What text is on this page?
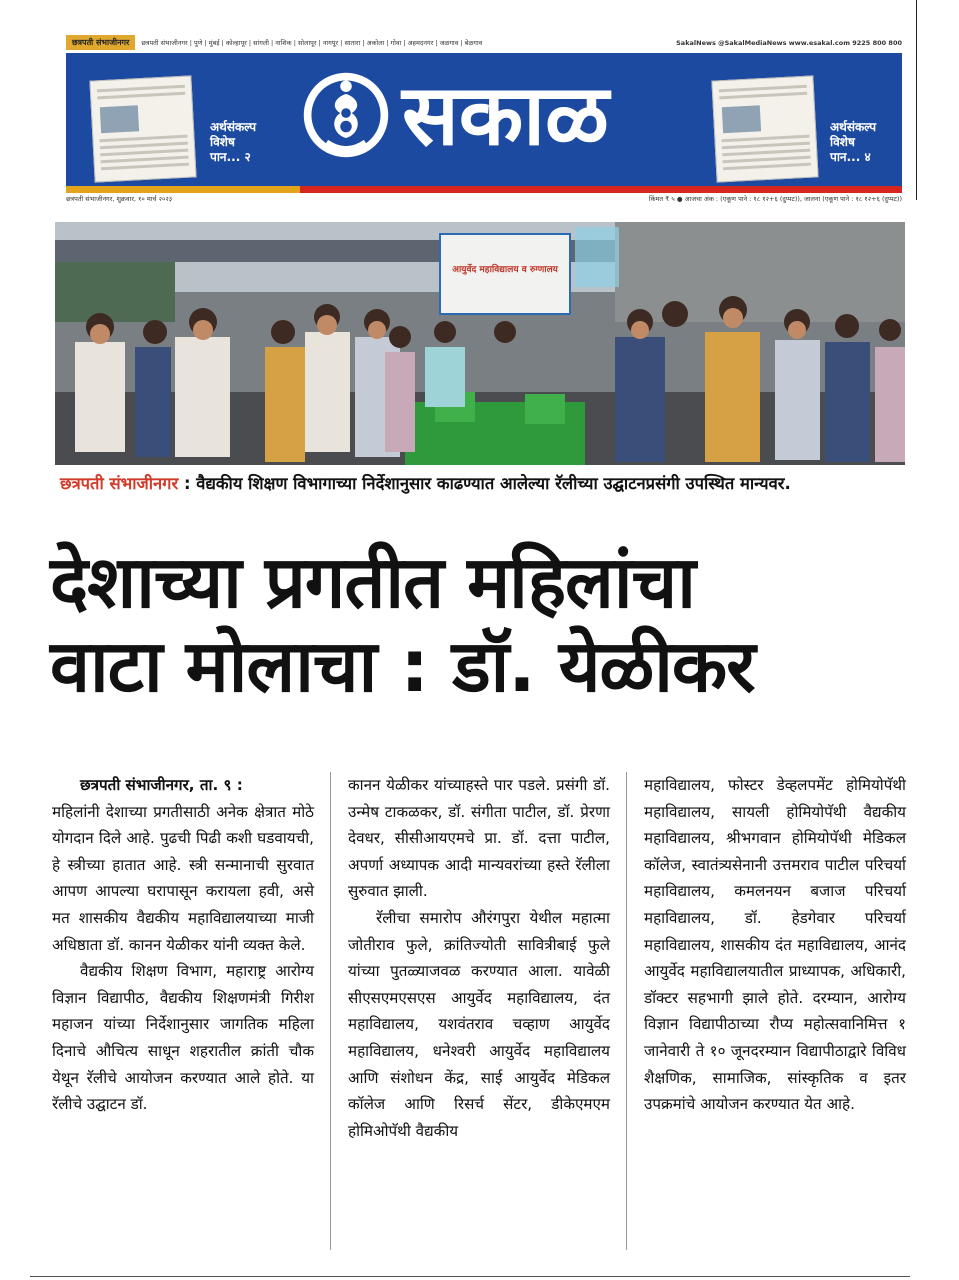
छत्रपती संभाजीनगर	छत्रपती संभाजीनगर | पुणे | मुंबई | कोल्हापूर | सांगली | नाशिक | सोलापूर | नागपूर | सातारा | अकोला | गोवा | अहमदनगर | जळगाव | बेळगाव	SakalNews @SakalMediaNews www.esakal.com 9225 800 800
अर्थसंकल्प
विशेष
पान... २ सकाळ	अर्थसंकल्प
विशेष
पान... ४
छत्रपती संभाजीनगर, शुक्रवार, १० मार्च २०२३	किंमत ₹ ५ ● आजचा अंक : (एकूण पाने : १८ १२+६ (दुप्पट)), जालना (एकूण पाने : १८ १२+६ (दुप्पट))
आयुर्वेद महाविद्यालय व रुग्णालय
छत्रपती संभाजीनगर : वैद्यकीय शिक्षण विभागाच्या निर्देशानुसार काढण्यात आलेल्या रॅलीच्या उद्घाटनप्रसंगी उपस्थित मान्यवर.
देशाच्या प्रगतीत महिलांचा
वाटा मोलाचा : डॉ. येळीकर

छत्रपती संभाजीनगर, ता. ९ :

महिलांनी देशाच्या प्रगतीसाठी अनेक क्षेत्रात मोठे योगदान दिले आहे. पुढची पिढी कशी घडवायची, हे स्त्रीच्या हातात आहे. स्त्री सन्मानाची सुरवात आपण आपल्या घरापासून करायला हवी, असे मत शासकीय वैद्यकीय महाविद्यालयाच्या माजी अधिष्ठाता डॉ. कानन येळीकर यांनी व्यक्त केले.

वैद्यकीय शिक्षण विभाग, महाराष्ट्र आरोग्य विज्ञान विद्यापीठ, वैद्यकीय शिक्षणमंत्री गिरीश महाजन यांच्या निर्देशानुसार जागतिक महिला दिनाचे औचित्य साधून शहरातील क्रांती चौक येथून रॅलीचे आयोजन करण्यात आले होते. या रॅलीचे उद्घाटन डॉ.

कानन येळीकर यांच्याहस्ते पार पडले. प्रसंगी डॉ. उन्मेष टाकळकर, डॉ. संगीता पाटील, डॉ. प्रेरणा देवधर, सीसीआयएमचे प्रा. डॉ. दत्ता पाटील, अपर्णा अध्यापक आदी मान्यवरांच्या हस्ते रॅलीला सुरुवात झाली.

रॅलीचा समारोप औरंगपुरा येथील महात्मा जोतीराव फुले, क्रांतिज्योती सावित्रीबाई फुले यांच्या पुतळ्याजवळ करण्यात आला. यावेळी सीएसएमएसएस आयुर्वेद महाविद्यालय, दंत महाविद्यालय, यशवंतराव चव्हाण आयुर्वेद महाविद्यालय, धनेश्वरी आयुर्वेद महाविद्यालय आणि संशोधन केंद्र, साई आयुर्वेद मेडिकल कॉलेज आणि रिसर्च सेंटर, डीकेएमएम होमिओपॅथी वैद्यकीय

महाविद्यालय, फोस्टर डेव्हलपमेंट होमियोपॅथी महाविद्यालय, सायली होमियोपॅथी वैद्यकीय महाविद्यालय, श्रीभगवान होमियोपॅथी मेडिकल कॉलेज, स्वातंत्र्यसेनानी उत्तमराव पाटील परिचर्या महाविद्यालय, कमलनयन बजाज परिचर्या महाविद्यालय, डॉ. हेडगेवार परिचर्या महाविद्यालय, शासकीय दंत महाविद्यालय, आनंद आयुर्वेद महाविद्यालयातील प्राध्यापक, अधिकारी, डॉक्टर सहभागी झाले होते. दरम्यान, आरोग्य विज्ञान विद्यापीठाच्या रौप्य महोत्सवानिमित्त १ जानेवारी ते १० जूनदरम्यान विद्यापीठाद्वारे विविध शैक्षणिक, सामाजिक, सांस्कृतिक व इतर उपक्रमांचे आयोजन करण्यात येत आहे.
